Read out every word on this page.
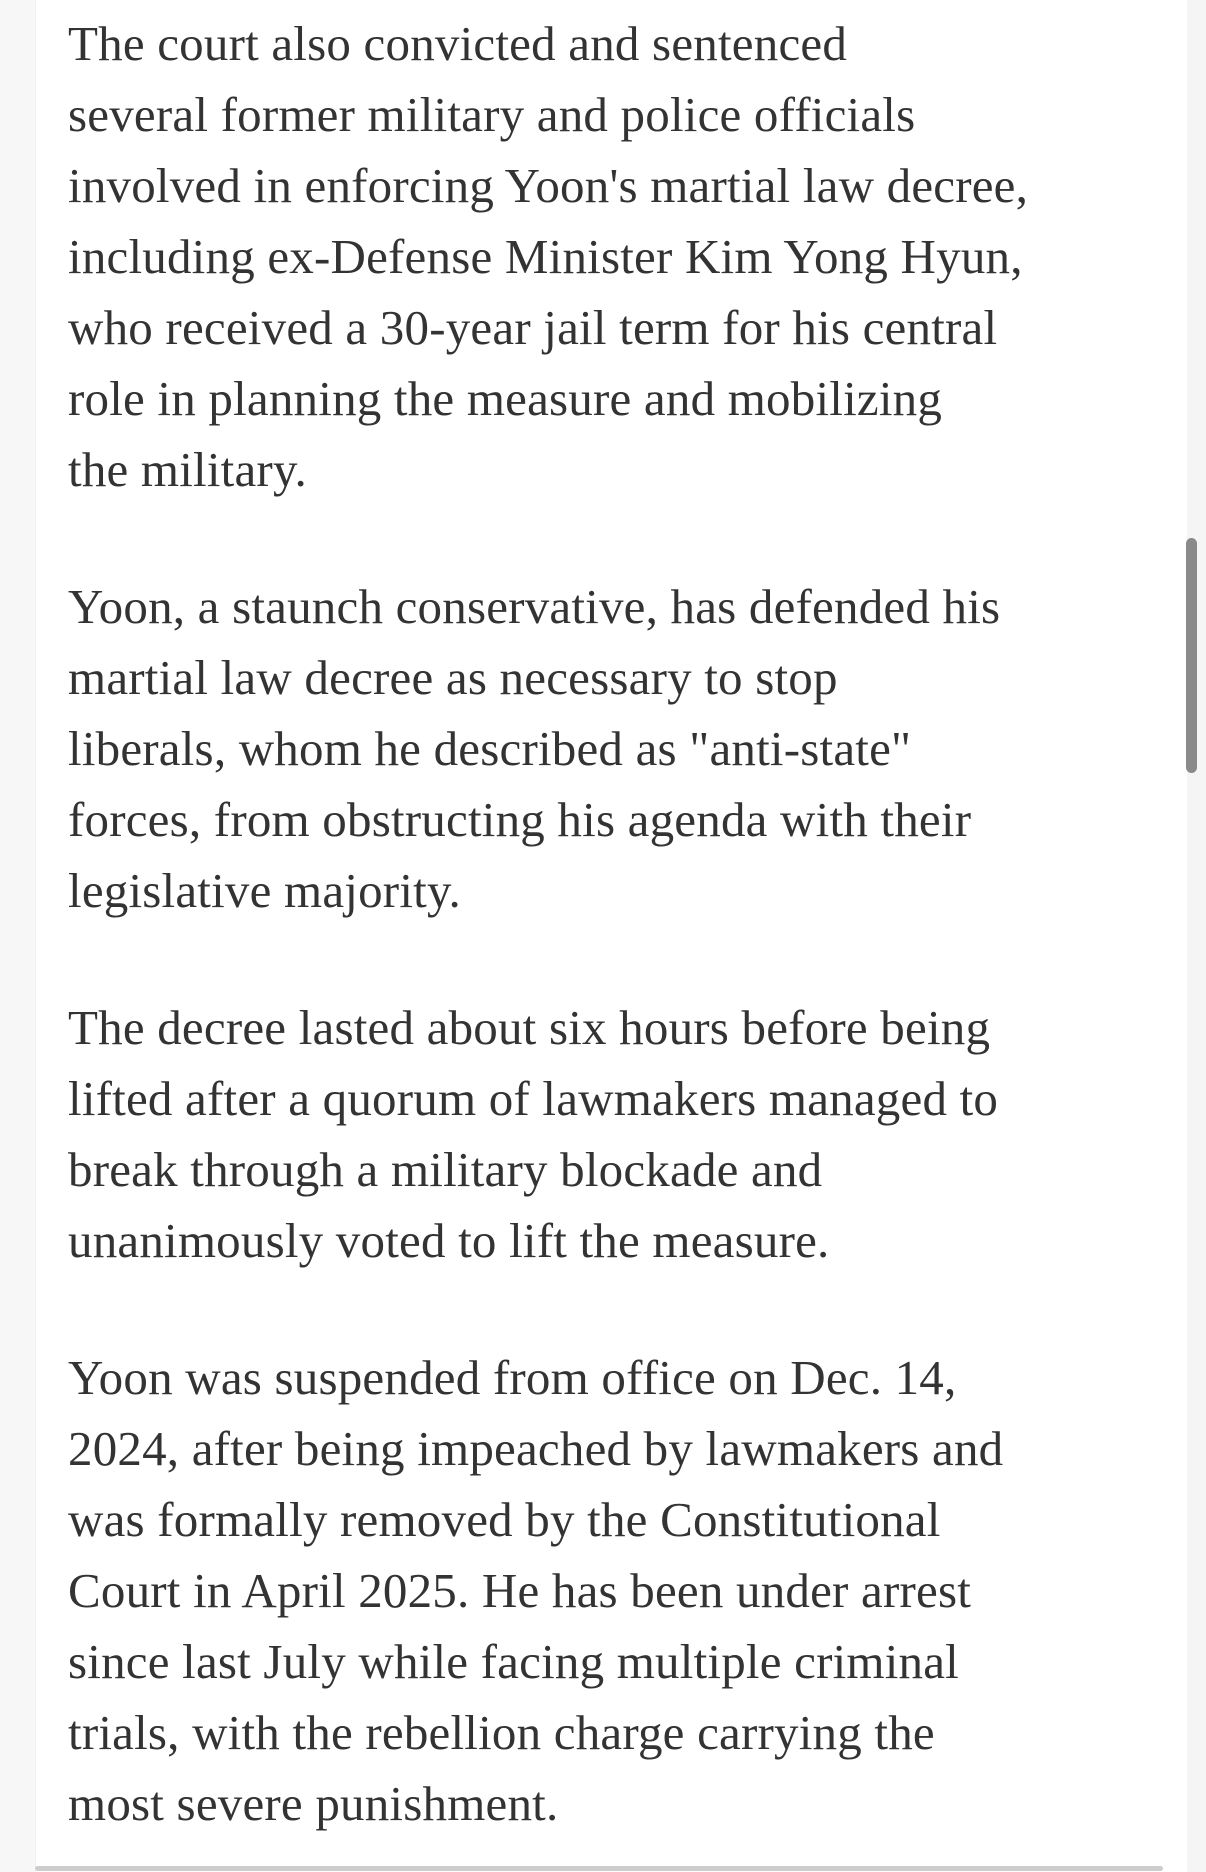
The court also convicted and sentenced
several former military and police officials
involved in enforcing Yoon's martial law decree,
including ex-Defense Minister Kim Yong Hyun,
who received a 30-year jail term for his central
role in planning the measure and mobilizing
the military.

Yoon, a staunch conservative, has defended his
martial law decree as necessary to stop
liberals, whom he described as "anti-state"
forces, from obstructing his agenda with their
legislative majority.

The decree lasted about six hours before being
lifted after a quorum of lawmakers managed to
break through a military blockade and
unanimously voted to lift the measure.

Yoon was suspended from office on Dec. 14,
2024, after being impeached by lawmakers and
was formally removed by the Constitutional
Court in April 2025. He has been under arrest
since last July while facing multiple criminal
trials, with the rebellion charge carrying the
most severe punishment.
